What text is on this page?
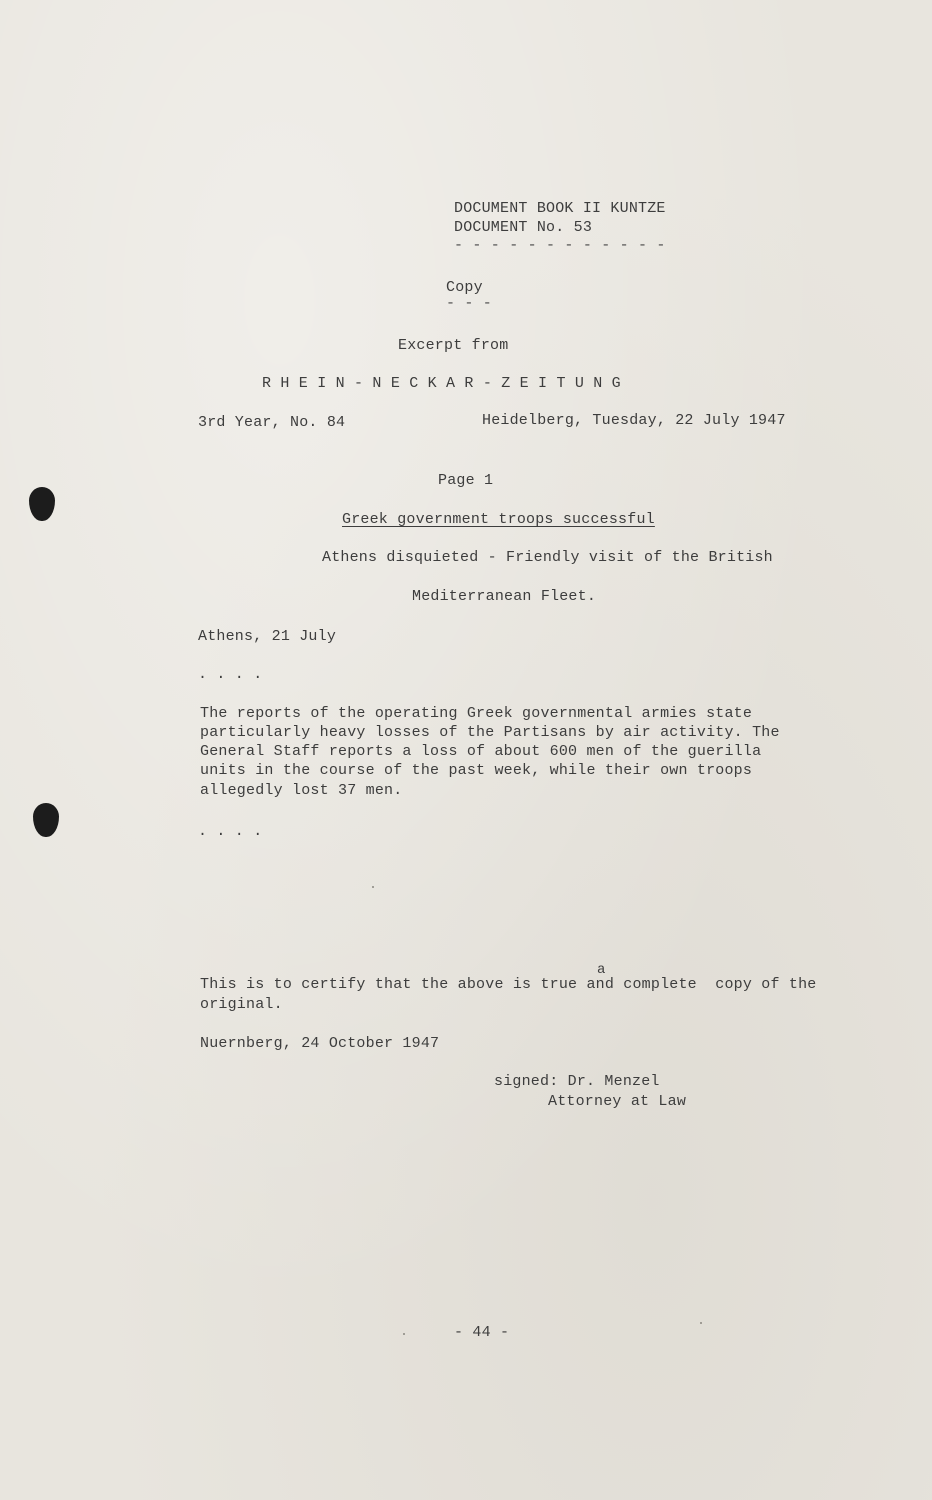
DOCUMENT BOOK II KUNTZE
DOCUMENT No. 53
- - - - - - - - - - - -
Copy
- - -
Excerpt from
R H E I N - N E C K A R - Z E I T U N G
3rd Year, No. 84	Heidelberg, Tuesday, 22 July 1947
Page 1
Greek government troops successful
Athens disquieted - Friendly visit of the British
Mediterranean Fleet.
Athens, 21 July
. . . .
The reports of the operating Greek governmental armies state
particularly heavy losses of the Partisans by air activity. The
General Staff reports a loss of about 600 men of the guerilla
units in the course of the past week, while their own troops
allegedly lost 37 men.
. . . .
a
This is to certify that the above is true and complete  copy of the
original.
Nuernberg, 24 October 1947
signed: Dr. Menzel
Attorney at Law
- 44 -
